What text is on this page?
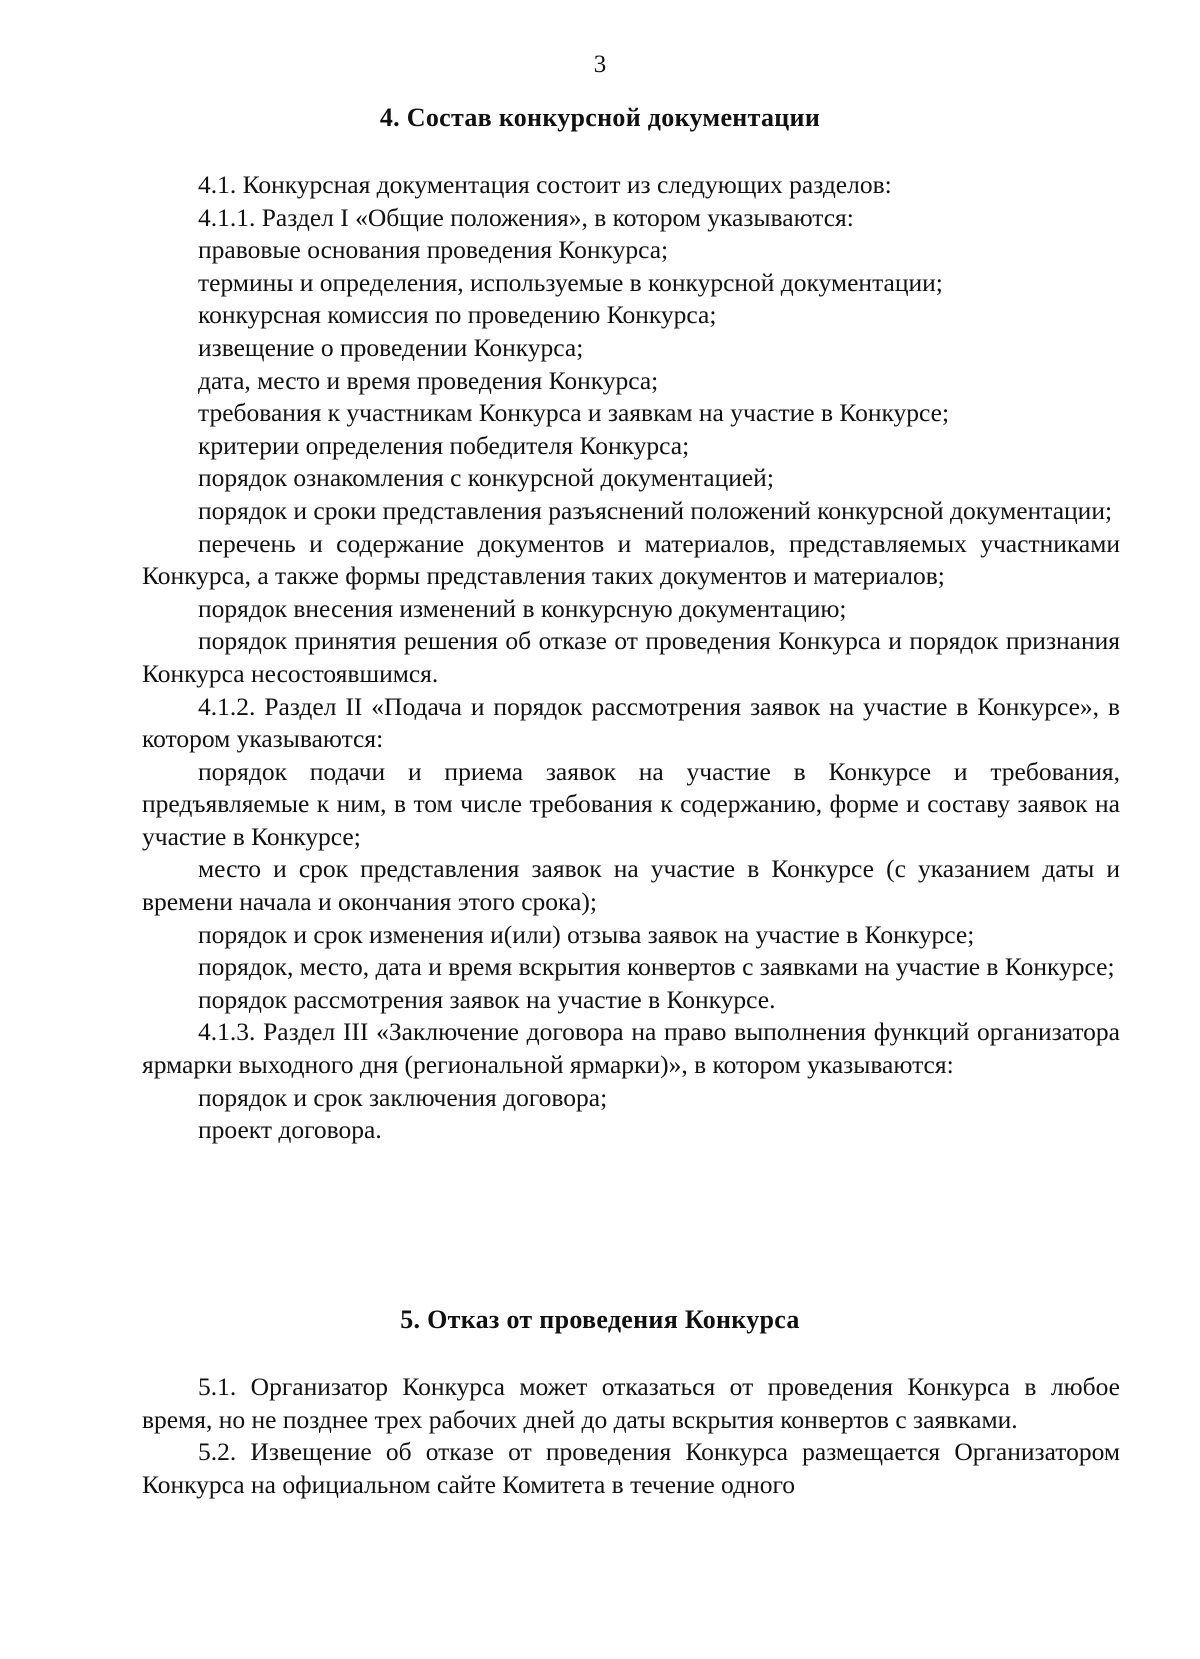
3
4. Состав конкурсной документации

4.1. Конкурсная документация состоит из следующих разделов:

4.1.1. Раздел I «Общие положения», в котором указываются:

правовые основания проведения Конкурса;

термины и определения, используемые в конкурсной документации;

конкурсная комиссия по проведению Конкурса;

извещение о проведении Конкурса;

дата, место и время проведения Конкурса;

требования к участникам Конкурса и заявкам на участие в Конкурсе;

критерии определения победителя Конкурса;

порядок ознакомления с конкурсной документацией;

порядок и сроки представления разъяснений положений конкурсной документации;

перечень и содержание документов и материалов, представляемых участниками Конкурса, а также формы представления таких документов и материалов;

порядок внесения изменений в конкурсную документацию;

порядок принятия решения об отказе от проведения Конкурса и порядок признания Конкурса несостоявшимся.

4.1.2. Раздел II «Подача и порядок рассмотрения заявок на участие в Конкурсе», в котором указываются:

порядок подачи и приема заявок на участие в Конкурсе и требования, предъявляемые к ним, в том числе требования к содержанию, форме и составу заявок на участие в Конкурсе;

место и срок представления заявок на участие в Конкурсе (с указанием даты и времени начала и окончания этого срока);

порядок и срок изменения и(или) отзыва заявок на участие в Конкурсе;

порядок, место, дата и время вскрытия конвертов с заявками на участие в Конкурсе;

порядок рассмотрения заявок на участие в Конкурсе.

4.1.3. Раздел III «Заключение договора на право выполнения функций организатора ярмарки выходного дня (региональной ярмарки)», в котором указываются:

порядок и срок заключения договора;

проект договора.

5. Отказ от проведения Конкурса

5.1. Организатор Конкурса может отказаться от проведения Конкурса в любое время, но не позднее трех рабочих дней до даты вскрытия конвертов с заявками.

5.2. Извещение об отказе от проведения Конкурса размещается Организатором Конкурса на официальном сайте Комитета в течение одного
